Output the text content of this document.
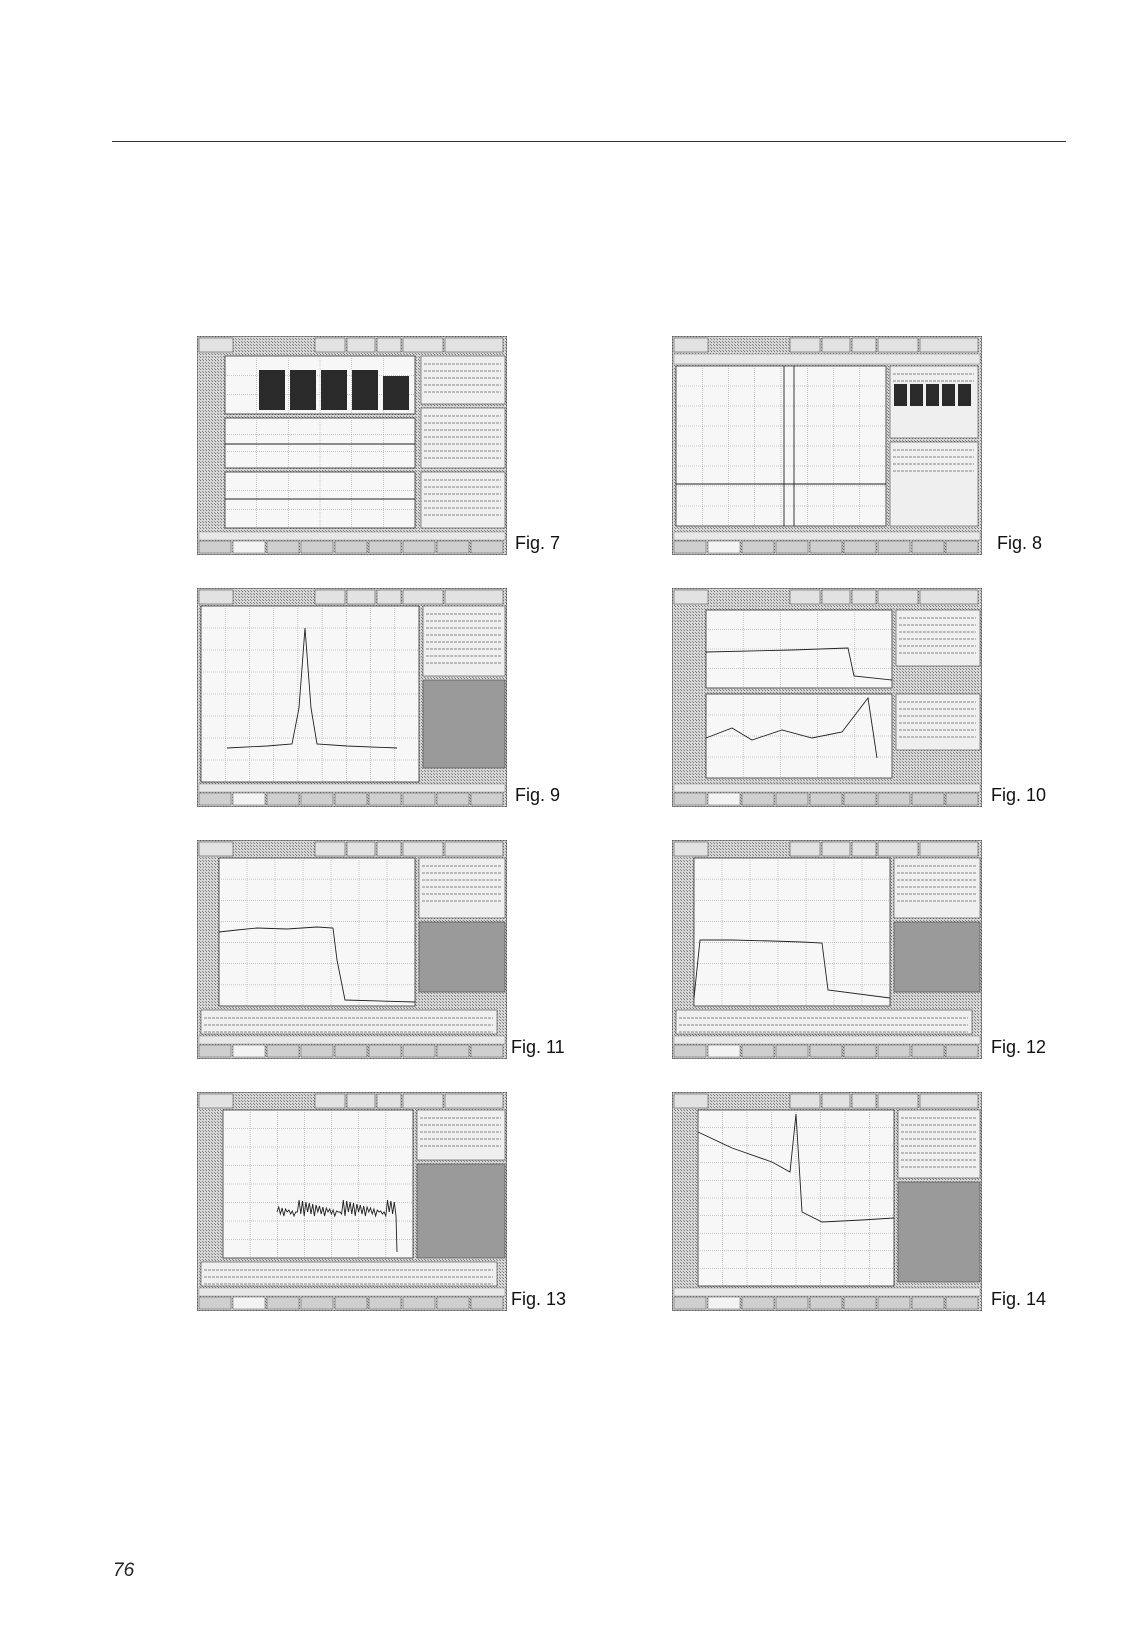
Fig. 7	Fig. 8
Fig. 9	Fig. 10
Fig. 11	Fig. 12
Fig. 13	Fig. 14
76
